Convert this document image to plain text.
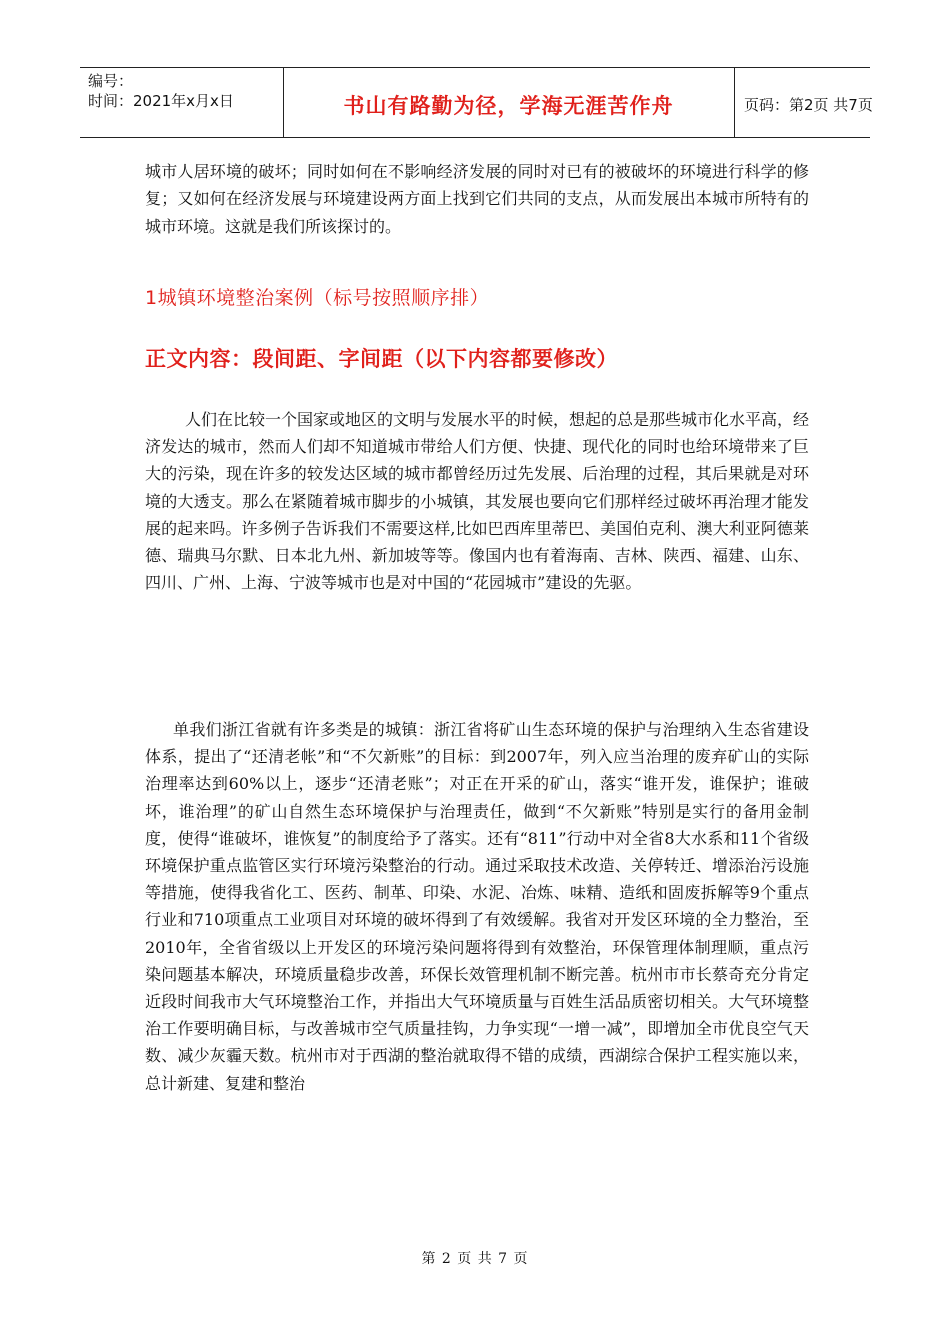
编号：
时间：2021年x月x日	书山有路勤为径，学海无涯苦作舟	页码：第2页 共7页
城市人居环境的破坏；同时如何在不影响经济发展的同时对已有的被破坏的环境进行科学的修复；又如何在经济发展与环境建设两方面上找到它们共同的支点，从而发展出本城市所特有的城市环境。这就是我们所该探讨的。
1城镇环境整治案例（标号按照顺序排）
正文内容：段间距、字间距（以下内容都要修改）
人们在比较一个国家或地区的文明与发展水平的时候，想起的总是那些城市化水平高，经济发达的城市，然而人们却不知道城市带给人们方便、快捷、现代化的同时也给环境带来了巨大的污染，现在许多的较发达区域的城市都曾经历过先发展、后治理的过程，其后果就是对环境的大透支。那么在紧随着城市脚步的小城镇，其发展也要向它们那样经过破坏再治理才能发展的起来吗。许多例子告诉我们不需要这样,比如巴西库里蒂巴、美国伯克利、澳大利亚阿德莱德、瑞典马尔默、日本北九州、新加坡等等。像国内也有着海南、吉林、陕西、福建、山东、四川、广州、上海、宁波等城市也是对中国的“花园城市”建设的先驱。
单我们浙江省就有许多类是的城镇：浙江省将矿山生态环境的保护与治理纳入生态省建设体系，提出了“还清老帐”和“不欠新账”的目标：到2007年，列入应当治理的废弃矿山的实际治理率达到60%以上，逐步“还清老账”；对正在开采的矿山，落实“谁开发，谁保护；谁破坏，谁治理”的矿山自然生态环境保护与治理责任，做到“不欠新账”特别是实行的备用金制度，使得“谁破坏，谁恢复”的制度给予了落实。还有“811”行动中对全省8大水系和11个省级环境保护重点监管区实行环境污染整治的行动。通过采取技术改造、关停转迁、增添治污设施等措施，使得我省化工、医药、制革、印染、水泥、冶炼、味精、造纸和固废拆解等9个重点行业和710项重点工业项目对环境的破坏得到了有效缓解。我省对开发区环境的全力整治，至2010年，全省省级以上开发区的环境污染问题将得到有效整治，环保管理体制理顺，重点污染问题基本解决，环境质量稳步改善，环保长效管理机制不断完善。杭州市市长蔡奇充分肯定近段时间我市大气环境整治工作，并指出大气环境质量与百姓生活品质密切相关。大气环境整治工作要明确目标，与改善城市空气质量挂钩，力争实现“一增一减”，即增加全市优良空气天数、减少灰霾天数。杭州市对于西湖的整治就取得不错的成绩，西湖综合保护工程实施以来，总计新建、复建和整治
第 2 页 共 7 页
